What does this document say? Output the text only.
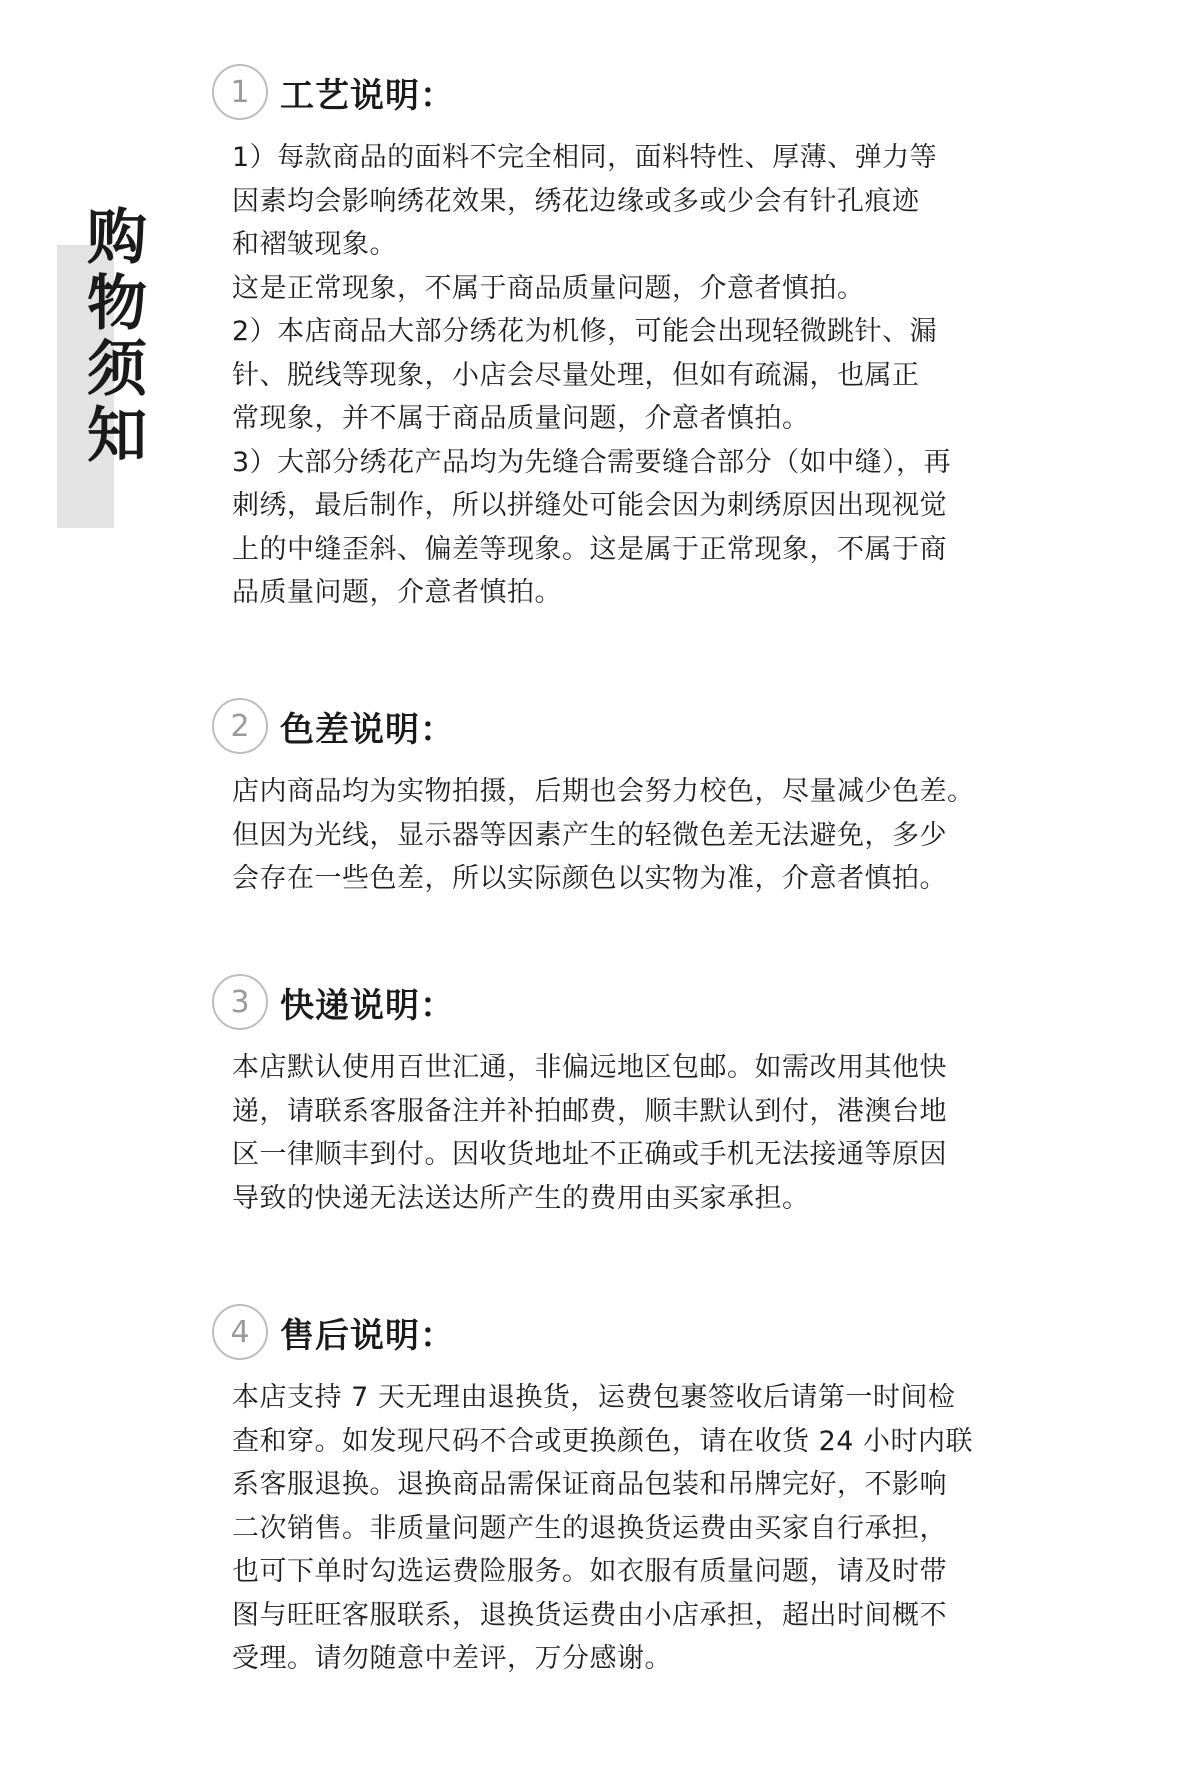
购
物
须
知
1 工艺说明：

1）每款商品的面料不完全相同，面料特性、厚薄、弹力等

因素均会影响绣花效果，绣花边缘或多或少会有针孔痕迹

和褶皱现象。

这是正常现象，不属于商品质量问题，介意者慎拍。

2）本店商品大部分绣花为机修，可能会出现轻微跳针、漏

针、脱线等现象，小店会尽量处理，但如有疏漏，也属正

常现象，并不属于商品质量问题，介意者慎拍。

3）大部分绣花产品均为先缝合需要缝合部分（如中缝），再

刺绣，最后制作，所以拼缝处可能会因为刺绣原因出现视觉

上的中缝歪斜、偏差等现象。这是属于正常现象，不属于商

品质量问题，介意者慎拍。

2 色差说明：

店内商品均为实物拍摄，后期也会努力校色，尽量减少色差。

但因为光线，显示器等因素产生的轻微色差无法避免，多少

会存在一些色差，所以实际颜色以实物为准，介意者慎拍。

3 快递说明：

本店默认使用百世汇通，非偏远地区包邮。如需改用其他快

递，请联系客服备注并补拍邮费，顺丰默认到付，港澳台地

区一律顺丰到付。因收货地址不正确或手机无法接通等原因

导致的快递无法送达所产生的费用由买家承担。

4 售后说明：

本店支持 7 天无理由退换货，运费包裹签收后请第一时间检

查和穿。如发现尺码不合或更换颜色，请在收货 24 小时内联

系客服退换。退换商品需保证商品包装和吊牌完好，不影响

二次销售。非质量问题产生的退换货运费由买家自行承担，

也可下单时勾选运费险服务。如衣服有质量问题，请及时带

图与旺旺客服联系，退换货运费由小店承担，超出时间概不

受理。请勿随意中差评，万分感谢。
